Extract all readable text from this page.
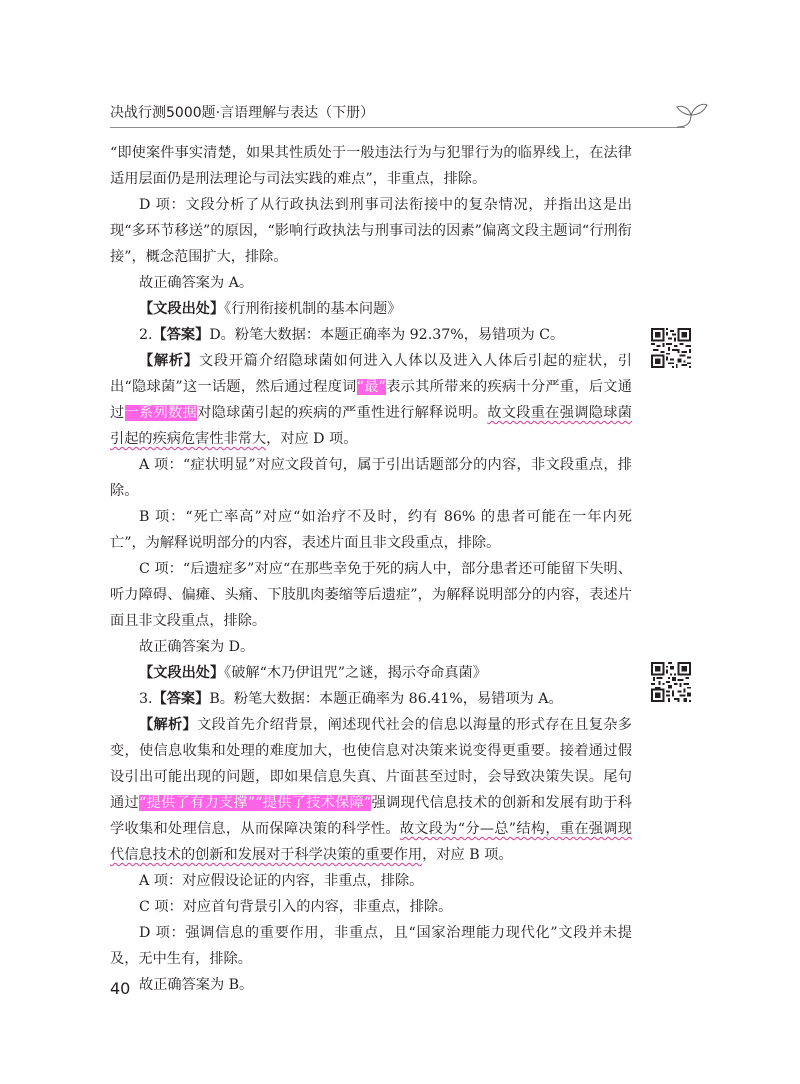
决战行测5000题·言语理解与表达（下册）

“即使案件事实清楚，如果其性质处于一般违法行为与犯罪行为的临界线上，在法律适用层面仍是刑法理论与司法实践的难点”，非重点，排除。

D 项：文段分析了从行政执法到刑事司法衔接中的复杂情况，并指出这是出现“多环节移送”的原因，“影响行政执法与刑事司法的因素”偏离文段主题词“行刑衔接”，概念范围扩大，排除。

故正确答案为 A。

【文段出处】《行刑衔接机制的基本问题》

2.【答案】D。粉笔大数据：本题正确率为 92.37%，易错项为 C。

【解析】文段开篇介绍隐球菌如何进入人体以及进入人体后引起的症状，引出“隐球菌”这一话题，然后通过程度词“最”表示其所带来的疾病十分严重，后文通过一系列数据对隐球菌引起的疾病的严重性进行解释说明。故文段重在强调隐球菌引起的疾病危害性非常大，对应 D 项。

A 项：“症状明显”对应文段首句，属于引出话题部分的内容，非文段重点，排除。

B 项：“死亡率高”对应“如治疗不及时，约有 86% 的患者可能在一年内死亡”，为解释说明部分的内容，表述片面且非文段重点，排除。

C 项：“后遗症多”对应“在那些幸免于死的病人中，部分患者还可能留下失明、听力障碍、偏瘫、头痛、下肢肌肉萎缩等后遗症”，为解释说明部分的内容，表述片面且非文段重点，排除。

故正确答案为 D。

【文段出处】《破解“木乃伊诅咒”之谜，揭示夺命真菌》

3.【答案】B。粉笔大数据：本题正确率为 86.41%，易错项为 A。

【解析】文段首先介绍背景，阐述现代社会的信息以海量的形式存在且复杂多变，使信息收集和处理的难度加大，也使信息对决策来说变得更重要。接着通过假设引出可能出现的问题，即如果信息失真、片面甚至过时，会导致决策失误。尾句通过“提供了有力支撑”“提供了技术保障”强调现代信息技术的创新和发展有助于科学收集和处理信息，从而保障决策的科学性。故文段为“分—总”结构，重在强调现代信息技术的创新和发展对于科学决策的重要作用，对应 B 项。

A 项：对应假设论证的内容，非重点，排除。

C 项：对应首句背景引入的内容，非重点，排除。

D 项：强调信息的重要作用，非重点，且“国家治理能力现代化”文段并未提及，无中生有，排除。

故正确答案为 B。

40
